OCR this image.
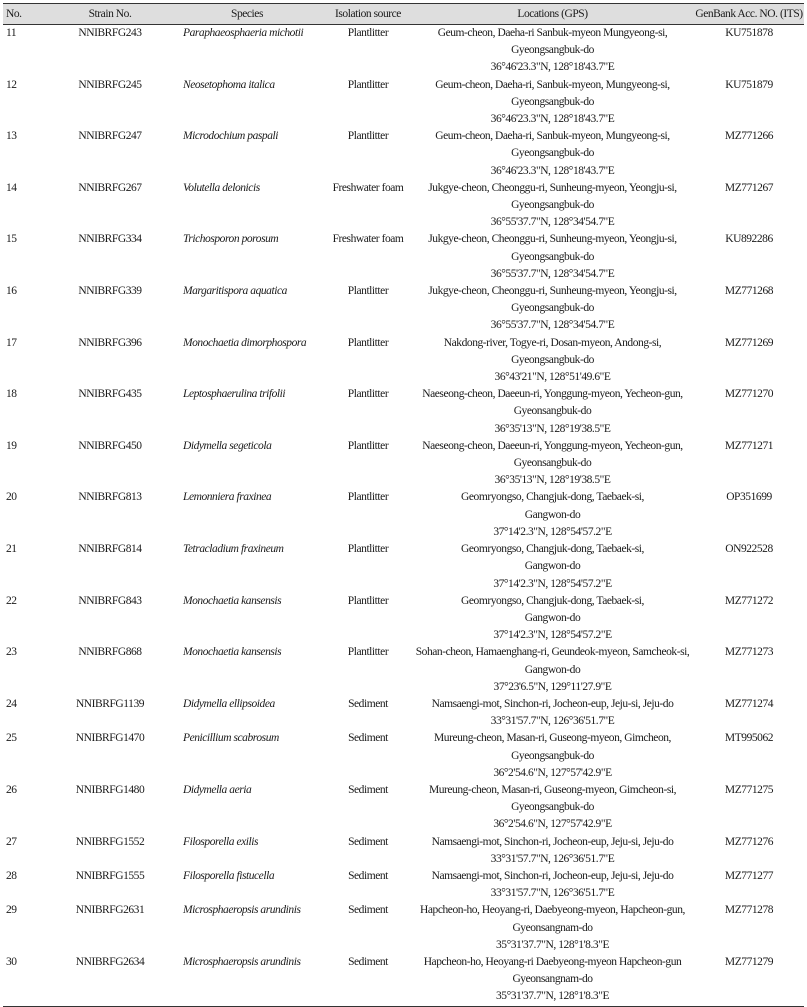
No.	Strain No.	Species	Isolation source	Locations (GPS)	GenBank Acc. NO. (ITS)
11	NNIBRFG243	Paraphaeosphaeria michotii	Plantlitter	Geum-cheon, Daeha-ri Sanbuk-myeon Mungyeong-si,
Gyeongsangbuk-do
36°46'23.3"N, 128°18'43.7"E	KU751878
12	NNIBRFG245	Neosetophoma italica	Plantlitter	Geum-cheon, Daeha-ri, Sanbuk-myeon, Mungyeong-si,
Gyeongsangbuk-do
36°46'23.3"N, 128°18'43.7"E	KU751879
13	NNIBRFG247	Microdochium paspali	Plantlitter	Geum-cheon, Daeha-ri, Sanbuk-myeon, Mungyeong-si,
Gyeongsangbuk-do
36°46'23.3"N, 128°18'43.7"E	MZ771266
14	NNIBRFG267	Volutella delonicis	Freshwater foam	Jukgye-cheon, Cheonggu-ri, Sunheung-myeon, Yeongju-si,
Gyeongsangbuk-do
36°55'37.7"N, 128°34'54.7"E	MZ771267
15	NNIBRFG334	Trichosporon porosum	Freshwater foam	Jukgye-cheon, Cheonggu-ri, Sunheung-myeon, Yeongju-si,
Gyeongsangbuk-do
36°55'37.7"N, 128°34'54.7"E	KU892286
16	NNIBRFG339	Margaritispora aquatica	Plantlitter	Jukgye-cheon, Cheonggu-ri, Sunheung-myeon, Yeongju-si,
Gyeongsangbuk-do
36°55'37.7"N, 128°34'54.7"E	MZ771268
17	NNIBRFG396	Monochaetia dimorphospora	Plantlitter	Nakdong-river, Togye-ri, Dosan-myeon, Andong-si,
Gyeongsangbuk-do
36°43'21"N, 128°51'49.6"E	MZ771269
18	NNIBRFG435	Leptosphaerulina trifolii	Plantlitter	Naeseong-cheon, Daeeun-ri, Yonggung-myeon, Yecheon-gun,
Gyeonsangbuk-do
36°35'13"N, 128°19'38.5"E	MZ771270
19	NNIBRFG450	Didymella segeticola	Plantlitter	Naeseong-cheon, Daeeun-ri, Yonggung-myeon, Yecheon-gun,
Gyeonsangbuk-do
36°35'13"N, 128°19'38.5"E	MZ771271
20	NNIBRFG813	Lemonniera fraxinea	Plantlitter	Geomryongso, Changjuk-dong, Taebaek-si,
Gangwon-do
37°14'2.3"N, 128°54'57.2"E	OP351699
21	NNIBRFG814	Tetracladium fraxineum	Plantlitter	Geomryongso, Changjuk-dong, Taebaek-si,
Gangwon-do
37°14'2.3"N, 128°54'57.2"E	ON922528
22	NNIBRFG843	Monochaetia kansensis	Plantlitter	Geomryongso, Changjuk-dong, Taebaek-si,
Gangwon-do
37°14'2.3"N, 128°54'57.2"E	MZ771272
23	NNIBRFG868	Monochaetia kansensis	Plantlitter	Sohan-cheon, Hamaenghang-ri, Geundeok-myeon, Samcheok-si,
Gangwon-do
37°23'6.5"N, 129°11'27.9"E	MZ771273
24	NNIBRFG1139	Didymella ellipsoidea	Sediment	Namsaengi-mot, Sinchon-ri, Jocheon-eup, Jeju-si, Jeju-do
33°31'57.7"N, 126°36'51.7"E	MZ771274
25	NNIBRFG1470	Penicillium scabrosum	Sediment	Mureung-cheon, Masan-ri, Guseong-myeon, Gimcheon,
Gyeongsangbuk-do
36°2'54.6"N, 127°57'42.9"E	MT995062
26	NNIBRFG1480	Didymella aeria	Sediment	Mureung-cheon, Masan-ri, Guseong-myeon, Gimcheon-si,
Gyeongsangbuk-do
36°2'54.6"N, 127°57'42.9"E	MZ771275
27	NNIBRFG1552	Filosporella exilis	Sediment	Namsaengi-mot, Sinchon-ri, Jocheon-eup, Jeju-si, Jeju-do
33°31'57.7"N, 126°36'51.7"E	MZ771276
28	NNIBRFG1555	Filosporella fistucella	Sediment	Namsaengi-mot, Sinchon-ri, Jocheon-eup, Jeju-si, Jeju-do
33°31'57.7"N, 126°36'51.7"E	MZ771277
29	NNIBRFG2631	Microsphaeropsis arundinis	Sediment	Hapcheon-ho, Heoyang-ri, Daebyeong-myeon, Hapcheon-gun,
Gyeonsangnam-do
35°31'37.7"N, 128°1'8.3"E	MZ771278
30	NNIBRFG2634	Microsphaeropsis arundinis	Sediment	Hapcheon-ho, Heoyang-ri Daebyeong-myeon Hapcheon-gun
Gyeonsangnam-do
35°31'37.7"N, 128°1'8.3"E	MZ771279
